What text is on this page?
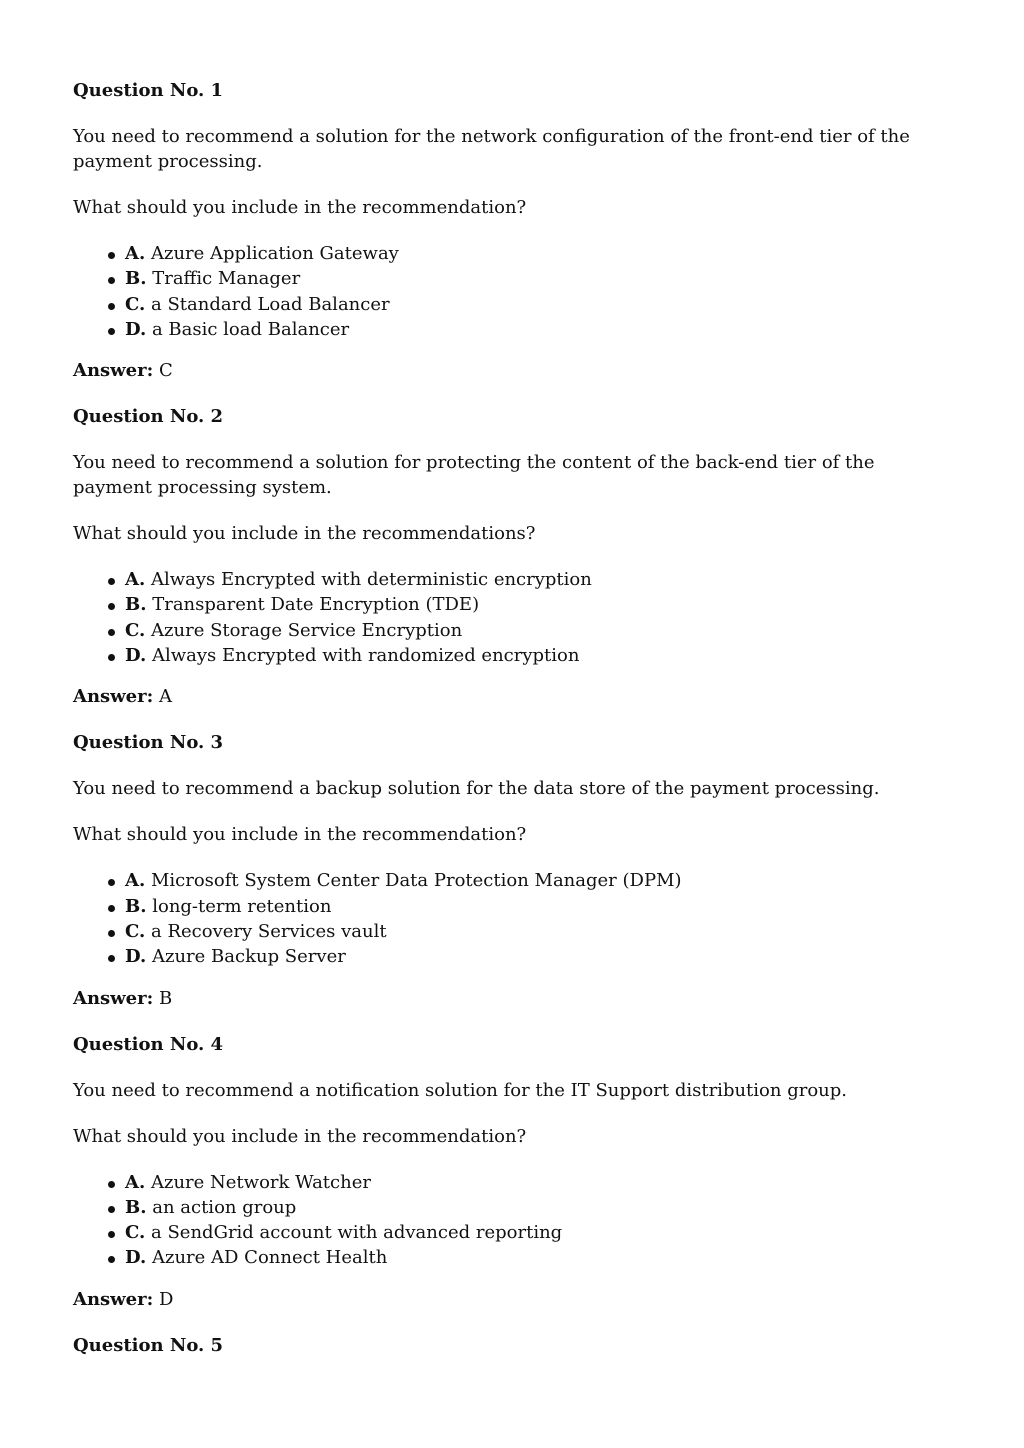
Question No. 1
You need to recommend a solution for the network configuration of the front-end tier of the payment processing.
What should you include in the recommendation?
A. Azure Application Gateway
B. Traffic Manager
C. a Standard Load Balancer
D. a Basic load Balancer
Answer: C
Question No. 2
You need to recommend a solution for protecting the content of the back-end tier of the payment processing system.
What should you include in the recommendations?
A. Always Encrypted with deterministic encryption
B. Transparent Date Encryption (TDE)
C. Azure Storage Service Encryption
D. Always Encrypted with randomized encryption
Answer: A
Question No. 3
You need to recommend a backup solution for the data store of the payment processing.
What should you include in the recommendation?
A. Microsoft System Center Data Protection Manager (DPM)
B. long-term retention
C. a Recovery Services vault
D. Azure Backup Server
Answer: B
Question No. 4
You need to recommend a notification solution for the IT Support distribution group.
What should you include in the recommendation?
A. Azure Network Watcher
B. an action group
C. a SendGrid account with advanced reporting
D. Azure AD Connect Health
Answer: D
Question No. 5
